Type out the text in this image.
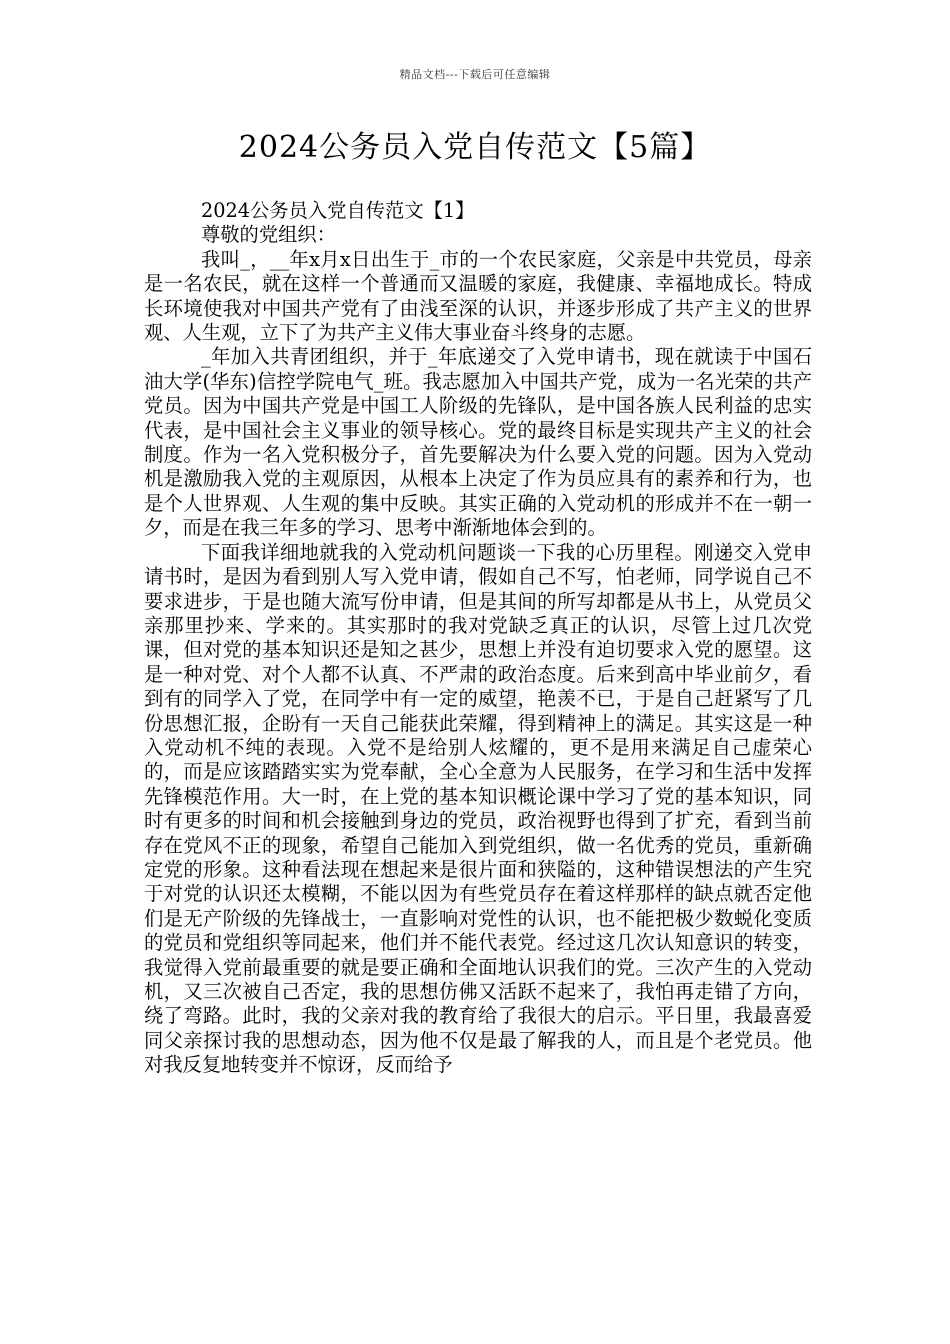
精品文档---下载后可任意编辑
2024公务员入党自传范文【5篇】

2024公务员入党自传范文【1】

尊敬的党组织：

我叫_，__年x月x日出生于_市的一个农民家庭，父亲是中共党员，母亲是一名农民，就在这样一个普通而又温暖的家庭，我健康、幸福地成长。特成长环境使我对中国共产党有了由浅至深的认识，并逐步形成了共产主义的世界观、人生观，立下了为共产主义伟大事业奋斗终身的志愿。

_年加入共青团组织，并于_年底递交了入党申请书，现在就读于中国石油大学(华东)信控学院电气_班。我志愿加入中国共产党，成为一名光荣的共产党员。因为中国共产党是中国工人阶级的先锋队，是中国各族人民利益的忠实代表，是中国社会主义事业的领导核心。党的最终目标是实现共产主义的社会制度。作为一名入党积极分子，首先要解决为什么要入党的问题。因为入党动机是激励我入党的主观原因，从根本上决定了作为员应具有的素养和行为，也是个人世界观、人生观的集中反映。其实正确的入党动机的形成并不在一朝一夕，而是在我三年多的学习、思考中渐渐地体会到的。

下面我详细地就我的入党动机问题谈一下我的心历里程。刚递交入党申请书时，是因为看到别人写入党申请，假如自己不写，怕老师，同学说自己不要求进步，于是也随大流写份申请，但是其间的所写却都是从书上，从党员父亲那里抄来、学来的。其实那时的我对党缺乏真正的认识，尽管上过几次党课，但对党的基本知识还是知之甚少，思想上并没有迫切要求入党的愿望。这是一种对党、对个人都不认真、不严肃的政治态度。后来到高中毕业前夕，看到有的同学入了党，在同学中有一定的威望，艳羡不已，于是自己赶紧写了几份思想汇报，企盼有一天自己能获此荣耀，得到精神上的满足。其实这是一种入党动机不纯的表现。入党不是给别人炫耀的，更不是用来满足自己虚荣心的，而是应该踏踏实实为党奉献，全心全意为人民服务，在学习和生活中发挥先锋模范作用。大一时，在上党的基本知识概论课中学习了党的基本知识，同时有更多的时间和机会接触到身边的党员，政治视野也得到了扩充，看到当前存在党风不正的现象，希望自己能加入到党组织，做一名优秀的党员，重新确定党的形象。这种看法现在想起来是很片面和狭隘的，这种错误想法的产生究于对党的认识还太模糊，不能以因为有些党员存在着这样那样的缺点就否定他们是无产阶级的先锋战士，一直影响对党性的认识，也不能把极少数蜕化变质的党员和党组织等同起来，他们并不能代表党。经过这几次认知意识的转变，我觉得入党前最重要的就是要正确和全面地认识我们的党。三次产生的入党动机，又三次被自己否定，我的思想仿佛又活跃不起来了，我怕再走错了方向，绕了弯路。此时，我的父亲对我的教育给了我很大的启示。平日里，我最喜爱同父亲探讨我的思想动态，因为他不仅是最了解我的人，而且是个老党员。他对我反复地转变并不惊讶，反而给予
